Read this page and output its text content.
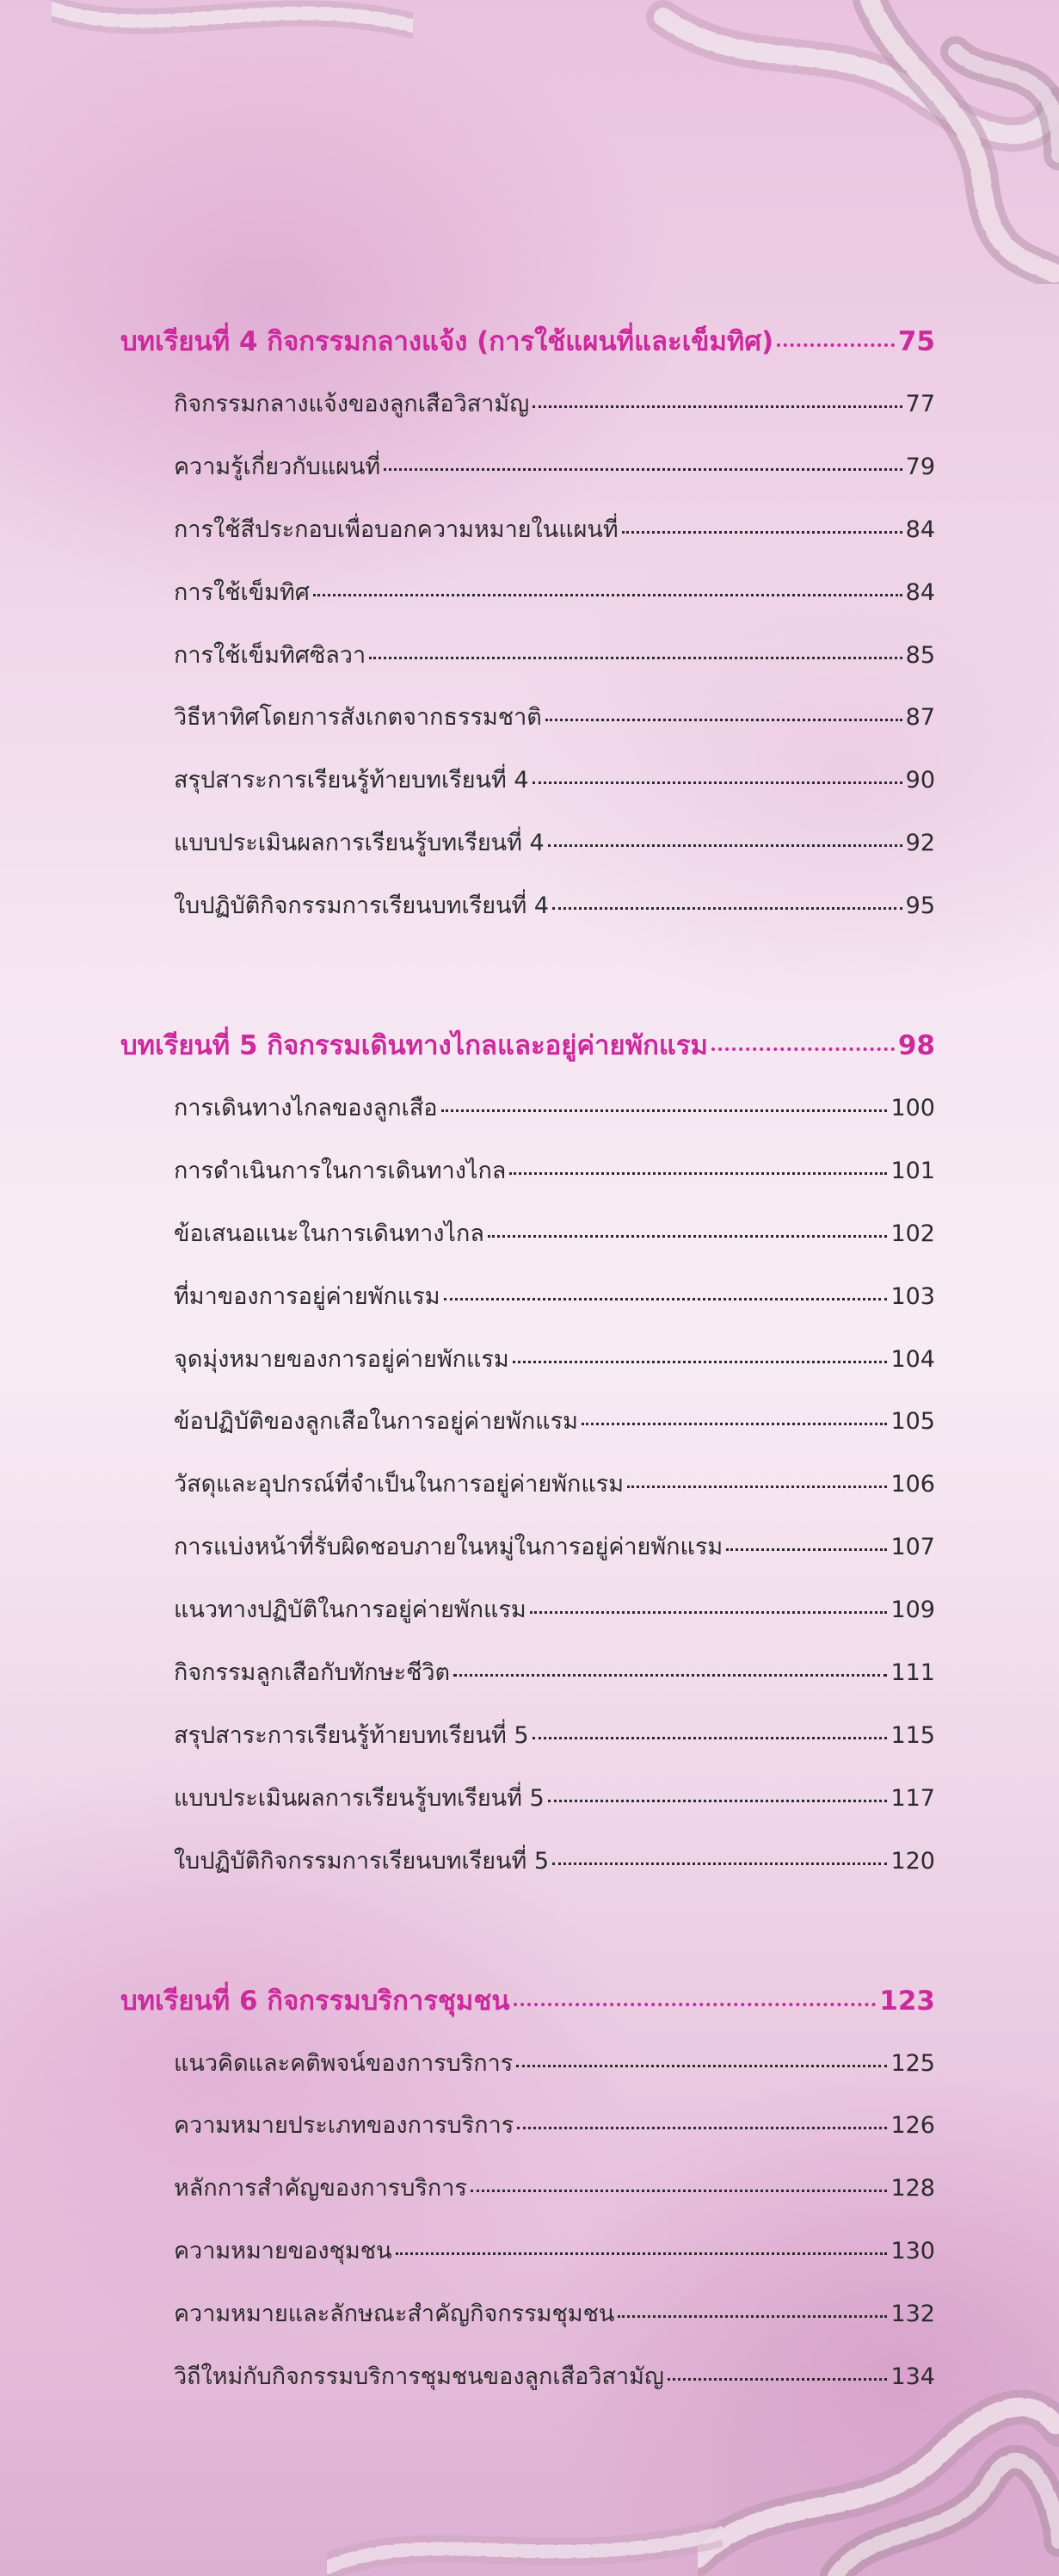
บทเรียนที่ 4 กิจกรรมกลางแจ้ง (การใช้แผนที่และเข็มทิศ)	75
กิจกรรมกลางแจ้งของลูกเสือวิสามัญ	77
ความรู้เกี่ยวกับแผนที่	79
การใช้สีประกอบเพื่อบอกความหมายในแผนที่	84
การใช้เข็มทิศ	84
การใช้เข็มทิศซิลวา	85
วิธีหาทิศโดยการสังเกตจากธรรมชาติ	87
สรุปสาระการเรียนรู้ท้ายบทเรียนที่ 4	90
แบบประเมินผลการเรียนรู้บทเรียนที่ 4	92
ใบปฏิบัติกิจกรรมการเรียนบทเรียนที่ 4	95
บทเรียนที่ 5 กิจกรรมเดินทางไกลและอยู่ค่ายพักแรม	98
การเดินทางไกลของลูกเสือ	100
การดำเนินการในการเดินทางไกล	101
ข้อเสนอแนะในการเดินทางไกล	102
ที่มาของการอยู่ค่ายพักแรม	103
จุดมุ่งหมายของการอยู่ค่ายพักแรม	104
ข้อปฏิบัติของลูกเสือในการอยู่ค่ายพักแรม	105
วัสดุและอุปกรณ์ที่จำเป็นในการอยู่ค่ายพักแรม	106
การแบ่งหน้าที่รับผิดชอบภายในหมู่ในการอยู่ค่ายพักแรม	107
แนวทางปฏิบัติในการอยู่ค่ายพักแรม	109
กิจกรรมลูกเสือกับทักษะชีวิต	111
สรุปสาระการเรียนรู้ท้ายบทเรียนที่ 5	115
แบบประเมินผลการเรียนรู้บทเรียนที่ 5	117
ใบปฏิบัติกิจกรรมการเรียนบทเรียนที่ 5	120
บทเรียนที่ 6 กิจกรรมบริการชุมชน	123
แนวคิดและคติพจน์ของการบริการ	125
ความหมายประเภทของการบริการ	126
หลักการสำคัญของการบริการ	128
ความหมายของชุมชน	130
ความหมายและลักษณะสำคัญกิจกรรมชุมชน	132
วิถีใหม่กับกิจกรรมบริการชุมชนของลูกเสือวิสามัญ	134
